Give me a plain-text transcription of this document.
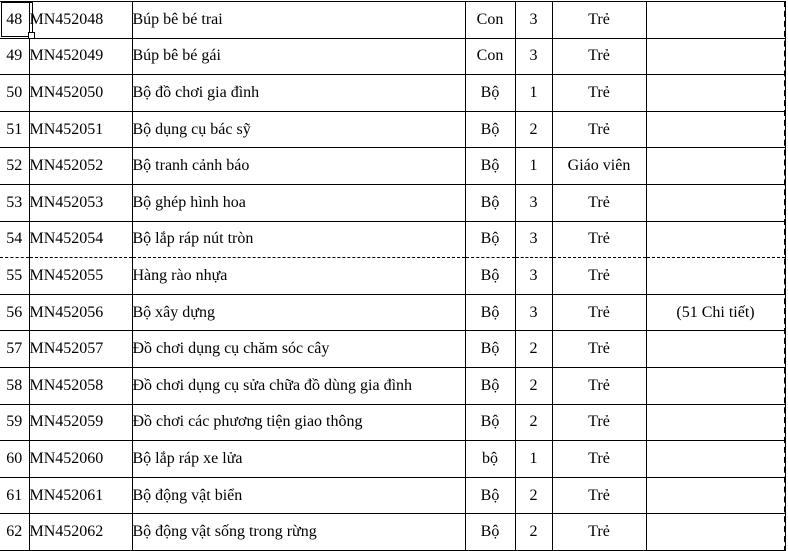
48	MN452048	Búp bê bé trai	Con	3	Trẻ	
49	MN452049	Búp bê bé gái	Con	3	Trẻ	
50	MN452050	Bộ đồ chơi gia đình	Bộ	1	Trẻ	
51	MN452051	Bộ dụng cụ bác sỹ	Bộ	2	Trẻ	
52	MN452052	Bộ tranh cảnh báo	Bộ	1	Giáo viên	
53	MN452053	Bộ ghép hình hoa	Bộ	3	Trẻ	
54	MN452054	Bộ lắp ráp nút tròn	Bộ	3	Trẻ	
55	MN452055	Hàng rào nhựa	Bộ	3	Trẻ	
56	MN452056	Bộ xây dựng	Bộ	3	Trẻ	(51 Chi tiết)
57	MN452057	Đồ chơi dụng cụ chăm sóc cây	Bộ	2	Trẻ	
58	MN452058	Đồ chơi dụng cụ sửa chữa đồ dùng gia đình	Bộ	2	Trẻ	
59	MN452059	Đồ chơi các phương tiện giao thông	Bộ	2	Trẻ	
60	MN452060	Bộ lắp ráp xe lửa	bộ	1	Trẻ	
61	MN452061	Bộ động vật biển	Bộ	2	Trẻ	
62	MN452062	Bộ động vật sống trong rừng	Bộ	2	Trẻ	
